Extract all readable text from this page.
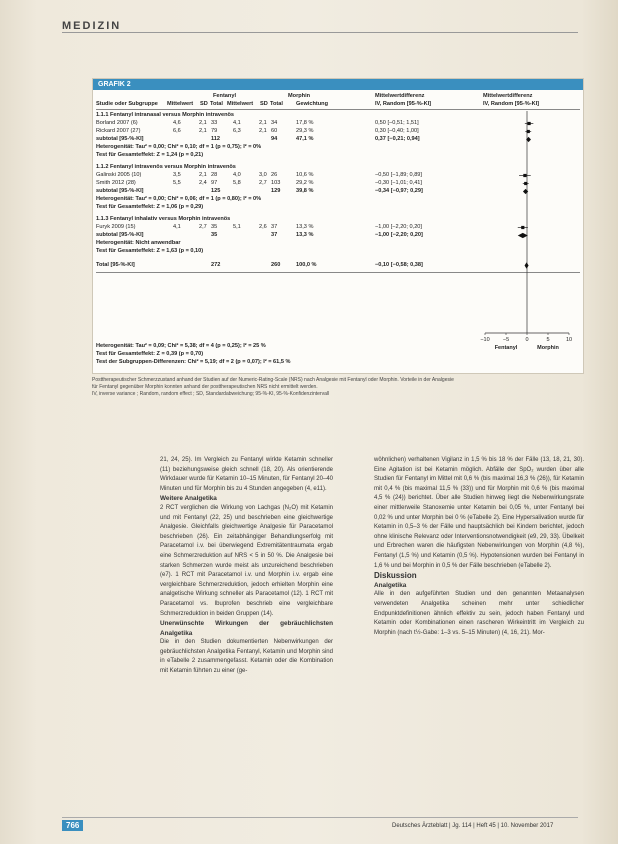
MEDIZIN
GRAFIK 2
Fentanyl	Morphin	Mittelwertdifferenz	Mittelwertdifferenz
Studie oder Subgruppe Mittelwert SD Total Mittelwert SD Total Gewichtung	IV, Random [95-%-KI]	IV, Random [95-%-KI]
1.1.1 Fentanyl intranasal versus Morphin intravenös
Borland 2007 (6)	4,6	2,1 33	4,1	2,1 34	17,8 %	0,50 [−0,51; 1,51]
Rickard 2007 (27)	6,6	2,1 79	6,3	2,1 60	29,3 %	0,30 [−0,40; 1,00]
subtotal [95-%-KI]	112	94	47,1 %	0,37 [−0,21; 0,94]
Heterogenität: Tau² = 0,00; Chi² = 0,10; df = 1 (p = 0,75); I² = 0%
Test für Gesamteffekt: Z = 1,24 (p = 0,21)
1.1.2 Fentanyl intravenös versus Morphin intravenös
Galinski 2005 (10)	3,5	2,1 28	4,0	3,0 26	10,6 %	−0,50 [−1,89; 0,89]
Smith 2012 (28)	5,5	2,4 97	5,8	2,7 103	29,2 %	−0,30 [−1,01; 0,41]
subtotal [95-%-KI]	125	129	39,8 %	−0,34 [−0,97; 0,29]
Heterogenität: Tau² = 0,00; Chi² = 0,06; df = 1 (p = 0,80); I² = 0%
Test für Gesamteffekt: Z = 1,06 (p = 0,29)
1.1.3 Fentanyl inhalativ versus Morphin intravenös
Furyk 2009 (15)	4,1	2,7 35	5,1	2,6 37	13,3 %	−1,00 [−2,20; 0,20]
subtotal [95-%-KI]	35	37	13,3 %	−1,00 [−2,20; 0,20]
Heterogenität: Nicht anwendbar
Test für Gesamteffekt: Z = 1,63 (p = 0,10)
Total [95-%-KI]	272	260	100,0 %	−0,10 [−0,58; 0,38]
−10 −5	0	5	10
Fentanyl	Morphin
Heterogenität: Tau² = 0,09; Chi² = 5,38; df = 4 (p = 0,25); I² = 25 %
Test für Gesamteffekt: Z = 0,39 (p = 0,70)
Test der Subgruppen-Differenzen: Chi² = 5,19; df = 2 (p = 0,07); I² = 61,5 %

Posttherapeutischer Schmerzzustand anhand der Studien auf der Numeric-Rating-Scale (NRS) nach Analgesie mit Fentanyl oder Morphin. Vorteile in der Analgesie

für Fentanyl gegenüber Morphin konnten anhand der posttherapeutischen NRS nicht ermittelt werden.

IV, inverse variance ; Random, random effect ; SD, Standardabweichung; 95-%-KI, 95-%-Konfidenzintervall

21, 24, 25). Im Vergleich zu Fentanyl wirkte Ketamin schneller (11) beziehungsweise gleich schnell (18, 20). Als orientierende Wirkdauer wurde für Ketamin 10–15 Minuten, für Fentanyl 20–40 Minuten und für Morphin bis zu 4 Stunden angegeben (4, e11).

Weitere Analgetika

2 RCT verglichen die Wirkung von Lachgas (N₂O) mit Ketamin und mit Fentanyl (22, 25) und beschrieben eine gleichwertige Analgesie. Gleichfalls gleichwertige Analgesie für Paracetamol beschrieben (26). Ein zeitabhängiger Behandlungserfolg mit Paracetamol i.v. bei überwiegend Extremitätentraumata ergab eine Schmerzreduktion auf NRS < 5 in 50 %. Die Analgesie bei starken Schmerzen wurde meist als unzureichend beschrieben (e7). 1 RCT mit Paracetamol i.v. und Morphin i.v. ergab eine vergleichbare Schmerzreduktion, jedoch erhielten Morphin eine analgetische Wirkung schneller als Paracetamol (12). 1 RCT mit Paracetamol vs. Ibuprofen beschrieb eine vergleichbare Schmerzreduktion in beiden Gruppen (14).

Unerwünschte Wirkungen der gebräuchlichsten Analgetika

Die in den Studien dokumentierten Nebenwirkungen der gebräuchlichsten Analgetika Fentanyl, Ketamin und Morphin sind in eTabelle 2 zusammengefasst. Ketamin oder die Kombination mit Ketamin führten zu einer (ge-

wöhnlichen) verhaltenen Vigilanz in 1,5 % bis 18 % der Fälle (13, 18, 21, 30). Eine Agitation ist bei Ketamin möglich. Abfälle der SpO₂ wurden über alle Studien für Fentanyl im Mittel mit 0,6 % (bis maximal 16,3 % (26)), für Ketamin mit 0,4 % (bis maximal 11,5 % (33)) und für Morphin mit 0,6 % (bis maximal 4,5 % (24)) berichtet. Über alle Studien hinweg liegt die Nebenwirkungsrate einer mittlerweile Stanoxemie unter Ketamin bei 0,05 %, unter Fentanyl bei 0,02 % und unter Morphin bei 0 % (eTabelle 2). Eine Hypersalivation wurde für Ketamin in 0,5–3 % der Fälle und hauptsächlich bei Kindern berichtet, jedoch ohne klinische Relevanz oder Interventionsnotwendigkeit (e9, 29, 33). Übelkeit und Erbrechen waren die häufigsten Nebenwirkungen von Morphin (4,8 %), Fentanyl (1,5 %) und Ketamin (0,5 %). Hypotensionen wurden bei Fentanyl in 1,6 % und bei Morphin in 0,5 % der Fälle beschrieben (eTabelle 2).

Diskussion

Analgetika

Alle in den aufgeführten Studien und den genannten Metaanalysen verwendeten Analgetika scheinen mehr unter schiedlicher Endpunktdefinitionen ähnlich effektiv zu sein, jedoch haben Fentanyl und Ketamin oder Kombinationen einen rascheren Wirkeintritt im Vergleich zu Morphin (nach t½-Gabe: 1–3 vs. 5–15 Minuten) (4, 16, 21). Mor-

766	Deutsches Ärzteblatt | Jg. 114 | Heft 45 | 10. November 2017
